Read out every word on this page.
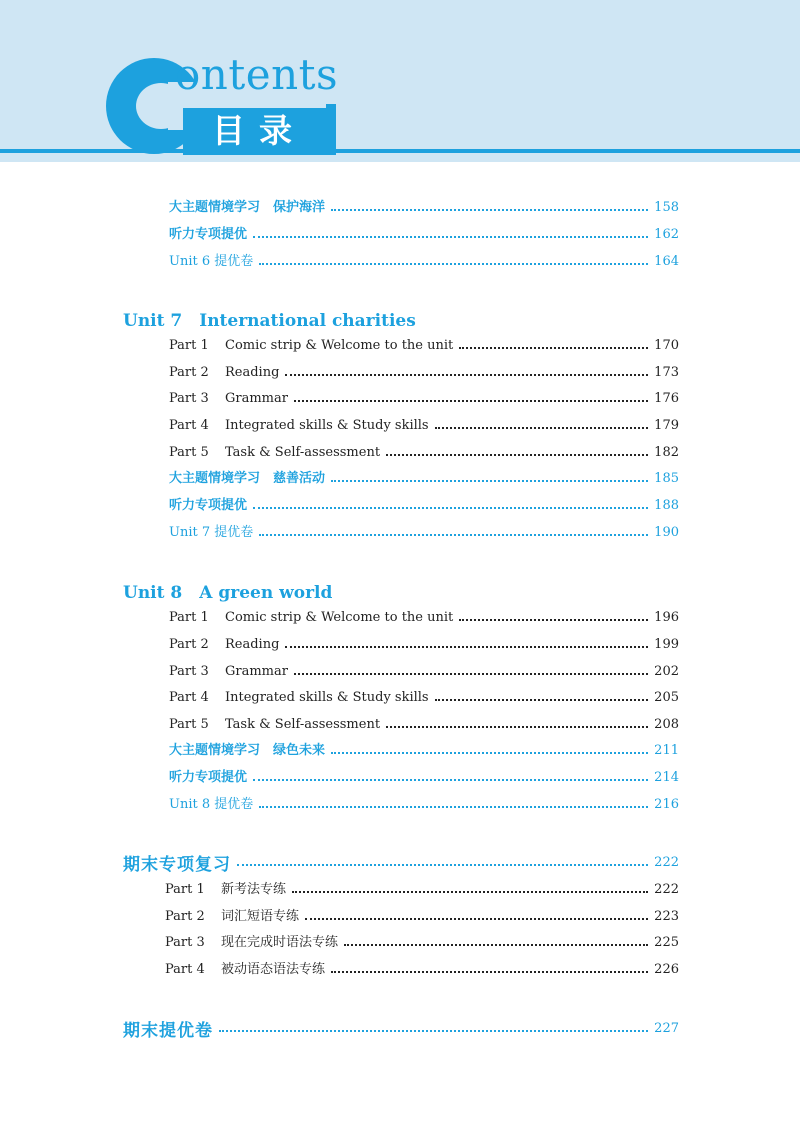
ontents
目录
大主题情境学习　保护海洋	158
听力专项提优	162
Unit 6 提优卷	164
Unit 7　International charities
Part 1 Comic strip & Welcome to the unit	170
Part 2 Reading	173
Part 3 Grammar	176
Part 4 Integrated skills & Study skills	179
Part 5 Task & Self-assessment	182
大主题情境学习　慈善活动	185
听力专项提优	188
Unit 7 提优卷	190
Unit 8　A green world
Part 1 Comic strip & Welcome to the unit	196
Part 2 Reading	199
Part 3 Grammar	202
Part 4 Integrated skills & Study skills	205
Part 5 Task & Self-assessment	208
大主题情境学习　绿色未来	211
听力专项提优	214
Unit 8 提优卷	216
期末专项复习	222
Part 1 新考法专练	222
Part 2 词汇短语专练	223
Part 3 现在完成时语法专练	225
Part 4 被动语态语法专练	226
期末提优卷	227
